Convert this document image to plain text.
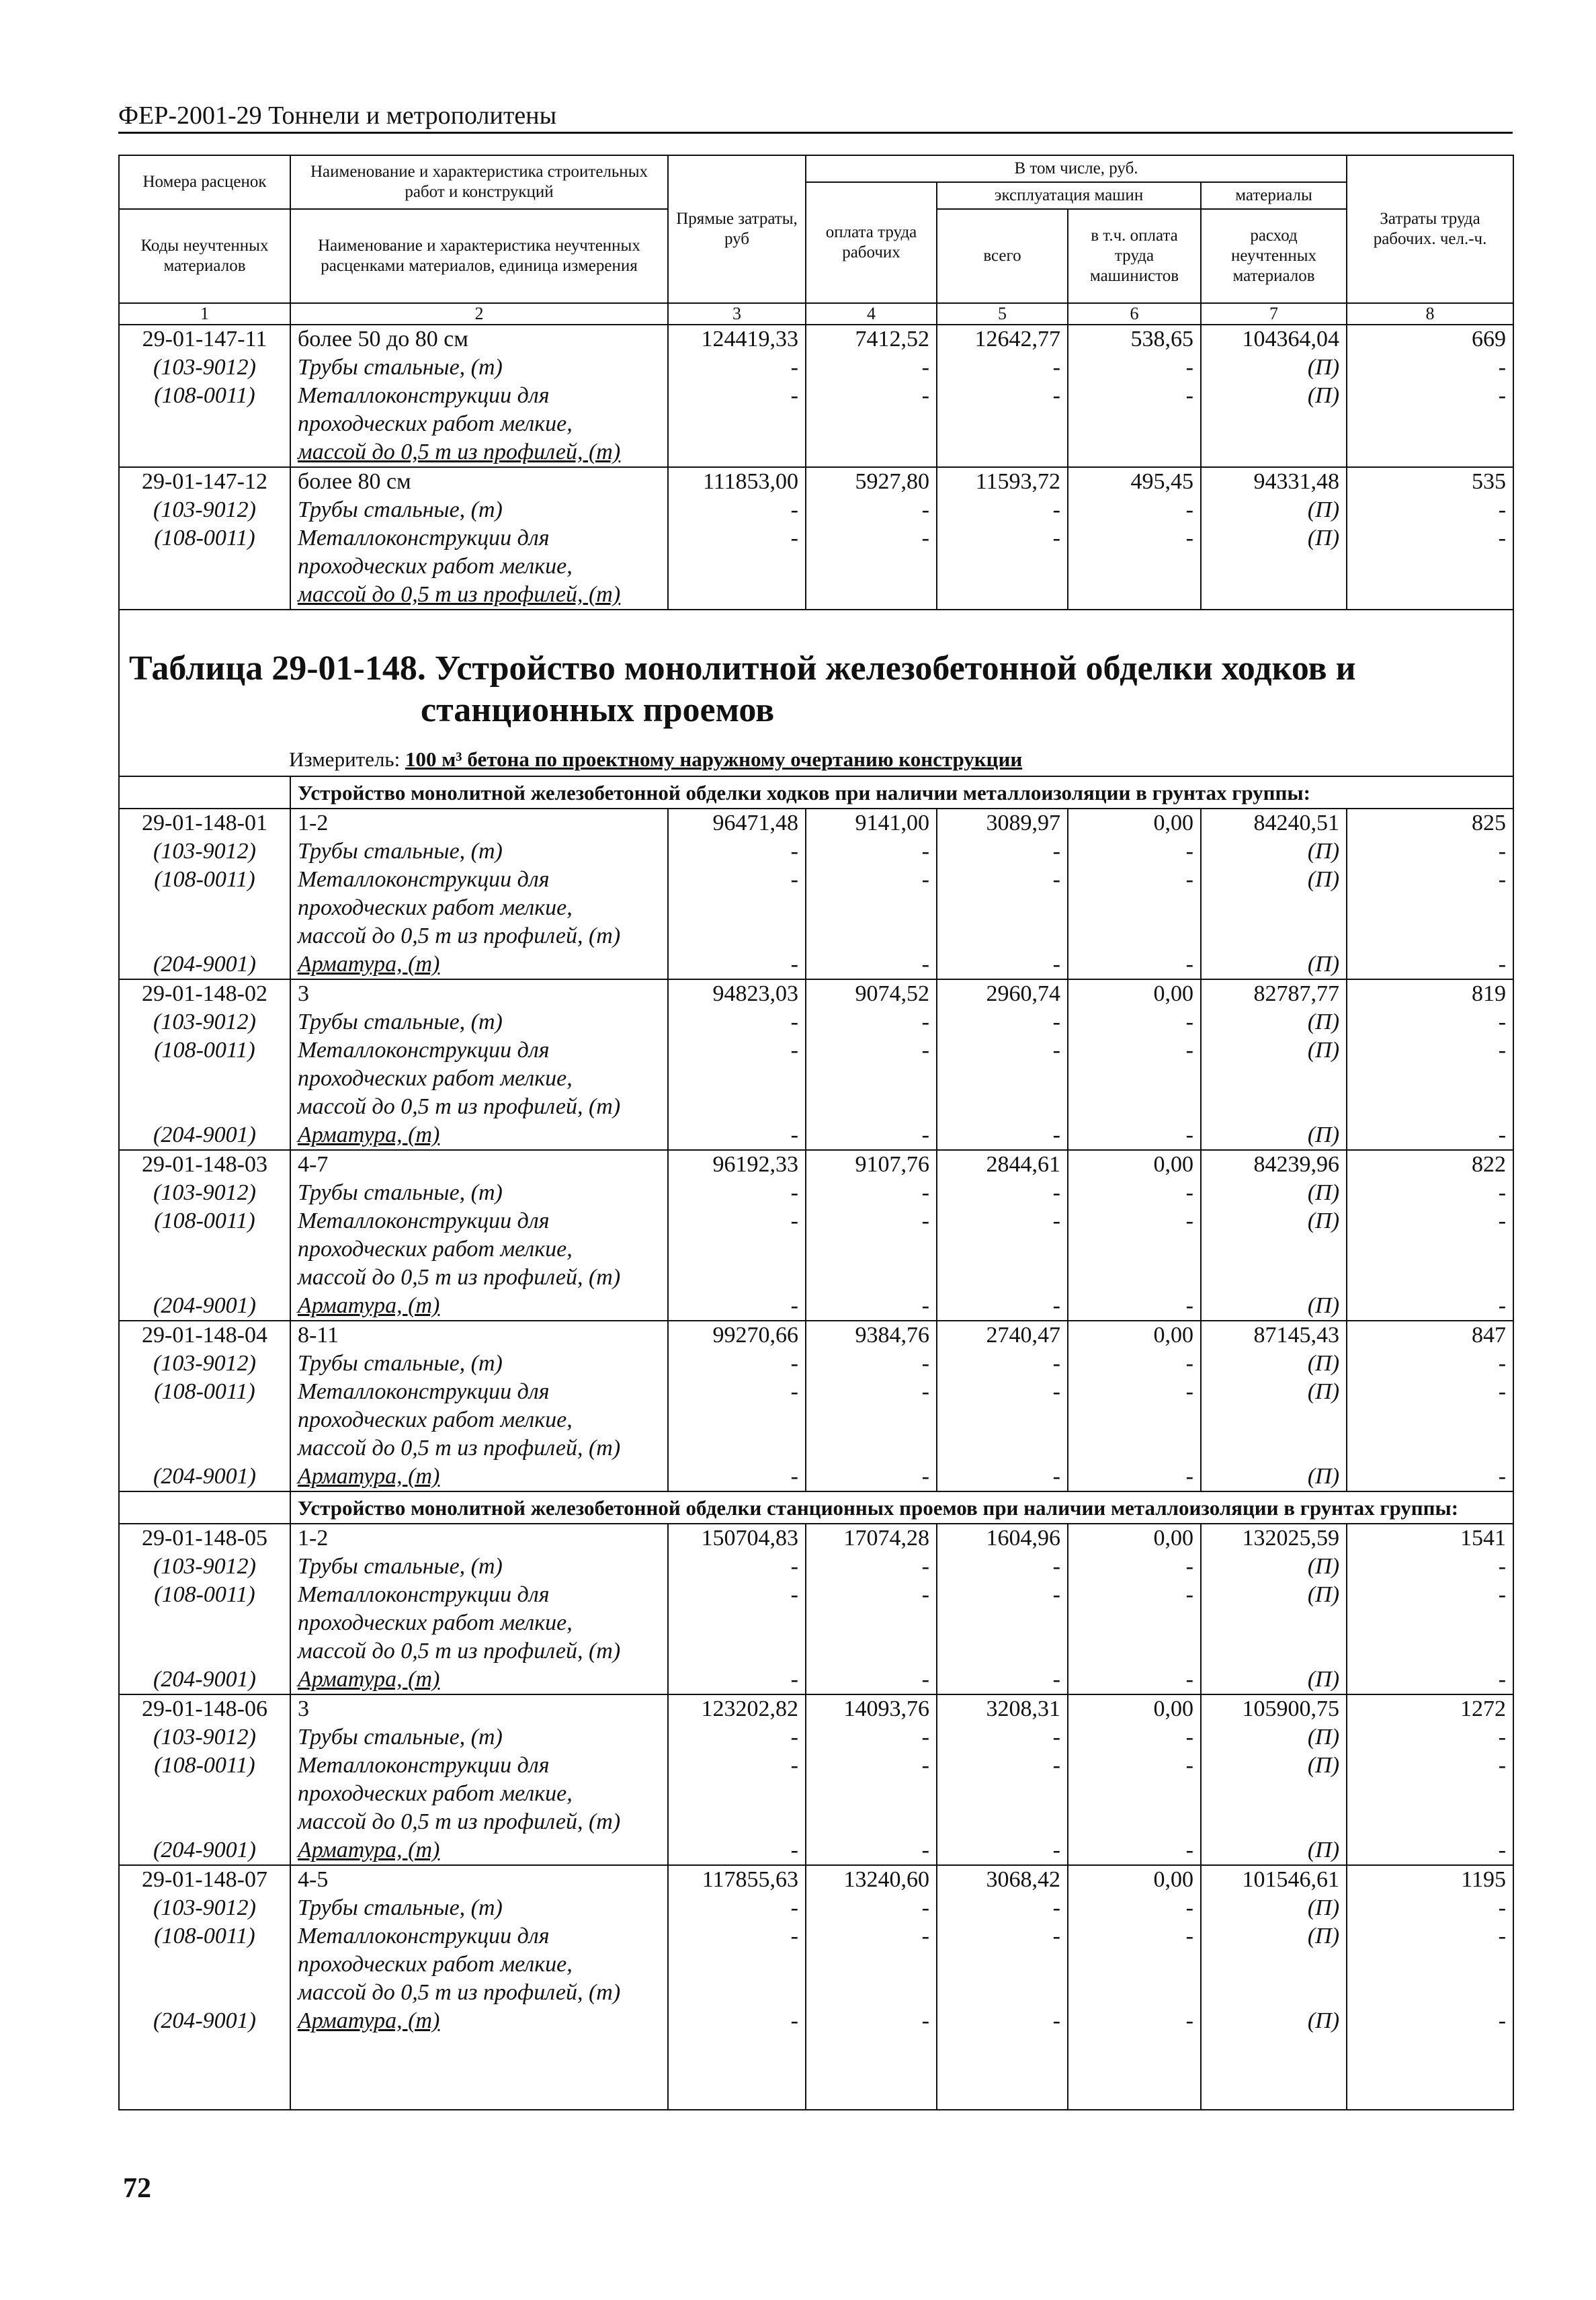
ФЕР-2001-29 Тоннели и метрополитены
Номера расценок	Наименование и характеристика строительных работ и конструкций	Прямые затраты, руб	В том числе, руб.				Затраты труда рабочих. чел.-ч.
			оплата труда рабочих	эксплуатация машин		материалы	
Коды неучтенных материалов	Наименование и характеристика неучтенных расценками материалов, единица измерения			всего	в т.ч. оплата труда машинистов	расход неучтенных материалов	

1	2	3	4	5	6	7	8
29-01-147-11	более 50 до 80 см	124419,33	7412,52	12642,77	538,65	104364,04	669
(103-9012)	Трубы стальные, (т)	-	-	-	-	(П)	-
(108-0011)	Металлоконструкции для	-	-	-	-	(П)	-
	проходческих работ мелкие,						
	массой до 0,5 т из профилей, (т)						
29-01-147-12	более 80 см	111853,00	5927,80	11593,72	495,45	94331,48	535
(103-9012)	Трубы стальные, (т)	-	-	-	-	(П)	-
(108-0011)	Металлоконструкции для	-	-	-	-	(П)	-
	проходческих работ мелкие,						
	массой до 0,5 т из профилей, (т)						

Таблица 29-01-148. Устройство монолитной железобетонной обделки ходков и
станционных проемов
Измеритель: 100 м³ бетона по проектному наружному очертанию конструкции							

	Устройство монолитной железобетонной обделки ходков при наличии металлоизоляции в грунтах группы:						
29-01-148-01	1-2	96471,48	9141,00	3089,97	0,00	84240,51	825
(103-9012)	Трубы стальные, (т)	-	-	-	-	(П)	-
(108-0011)	Металлоконструкции для	-	-	-	-	(П)	-
	проходческих работ мелкие,						
	массой до 0,5 т из профилей, (т)						
(204-9001)	Арматура, (т)	-	-	-	-	(П)	-
29-01-148-02	3	94823,03	9074,52	2960,74	0,00	82787,77	819
(103-9012)	Трубы стальные, (т)	-	-	-	-	(П)	-
(108-0011)	Металлоконструкции для	-	-	-	-	(П)	-
	проходческих работ мелкие,						
	массой до 0,5 т из профилей, (т)						
(204-9001)	Арматура, (т)	-	-	-	-	(П)	-
29-01-148-03	4-7	96192,33	9107,76	2844,61	0,00	84239,96	822
(103-9012)	Трубы стальные, (т)	-	-	-	-	(П)	-
(108-0011)	Металлоконструкции для	-	-	-	-	(П)	-
	проходческих работ мелкие,						
	массой до 0,5 т из профилей, (т)						
(204-9001)	Арматура, (т)	-	-	-	-	(П)	-
29-01-148-04	8-11	99270,66	9384,76	2740,47	0,00	87145,43	847
(103-9012)	Трубы стальные, (т)	-	-	-	-	(П)	-
(108-0011)	Металлоконструкции для	-	-	-	-	(П)	-
	проходческих работ мелкие,						
	массой до 0,5 т из профилей, (т)						
(204-9001)	Арматура, (т)	-	-	-	-	(П)	-
	Устройство монолитной железобетонной обделки станционных проемов при наличии металлоизоляции в грунтах группы:						
29-01-148-05	1-2	150704,83	17074,28	1604,96	0,00	132025,59	1541
(103-9012)	Трубы стальные, (т)	-	-	-	-	(П)	-
(108-0011)	Металлоконструкции для	-	-	-	-	(П)	-
	проходческих работ мелкие,						
	массой до 0,5 т из профилей, (т)						
(204-9001)	Арматура, (т)	-	-	-	-	(П)	-
29-01-148-06	3	123202,82	14093,76	3208,31	0,00	105900,75	1272
(103-9012)	Трубы стальные, (т)	-	-	-	-	(П)	-
(108-0011)	Металлоконструкции для	-	-	-	-	(П)	-
	проходческих работ мелкие,						
	массой до 0,5 т из профилей, (т)						
(204-9001)	Арматура, (т)	-	-	-	-	(П)	-
29-01-148-07	4-5	117855,63	13240,60	3068,42	0,00	101546,61	1195
(103-9012)	Трубы стальные, (т)	-	-	-	-	(П)	-
(108-0011)	Металлоконструкции для	-	-	-	-	(П)	-
	проходческих работ мелкие,						
	массой до 0,5 т из профилей, (т)						
(204-9001)	Арматура, (т)	-	-	-	-	(П)	-

72
